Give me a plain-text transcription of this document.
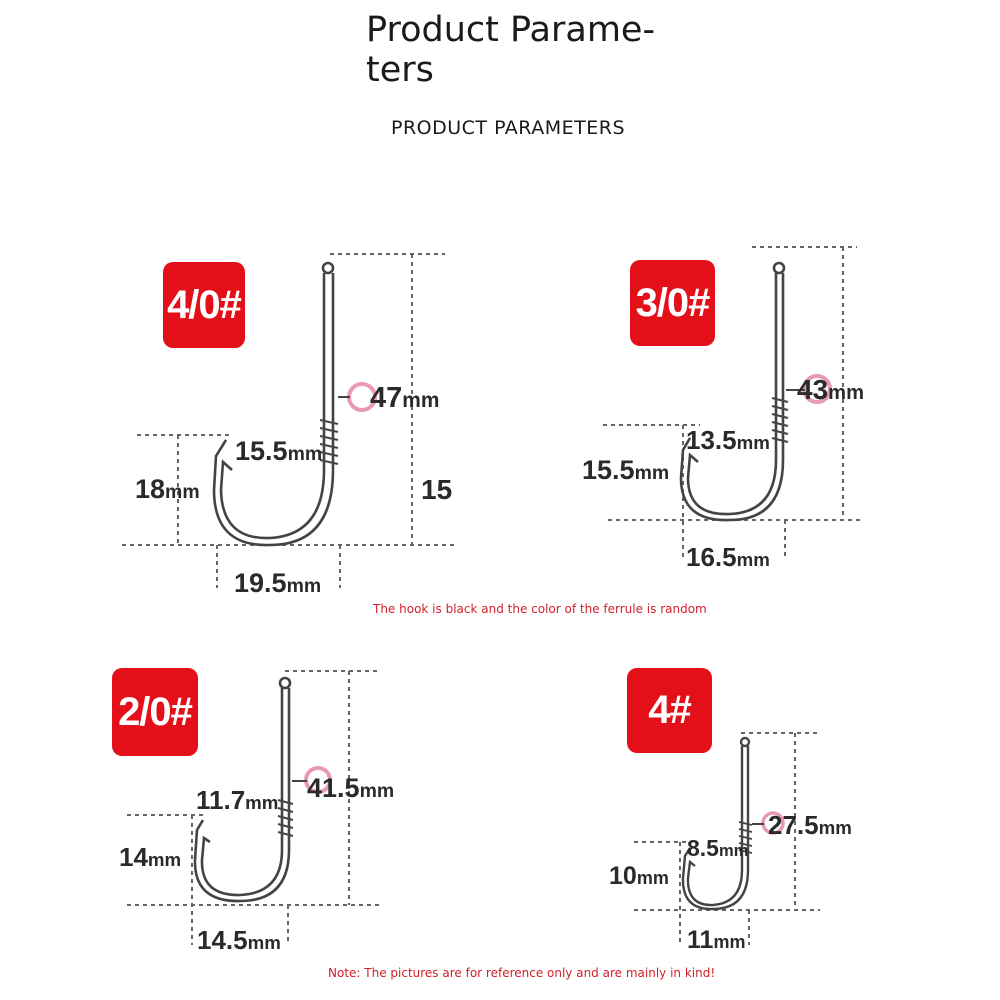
Product Parame-
ters
PRODUCT PARAMETERS
4/0#
47mm
15.5mm
18mm	15
19.5mm
3/0#
43mm
13.5mm
15.5mm
16.5mm
The hook is black and the color of the ferrule is random
2/0#
41.5mm
11.7mm
14mm
14.5mm
4#
27.5mm
8.5mm
10mm
11mm
Note: The pictures are for reference only and are mainly in kind!
